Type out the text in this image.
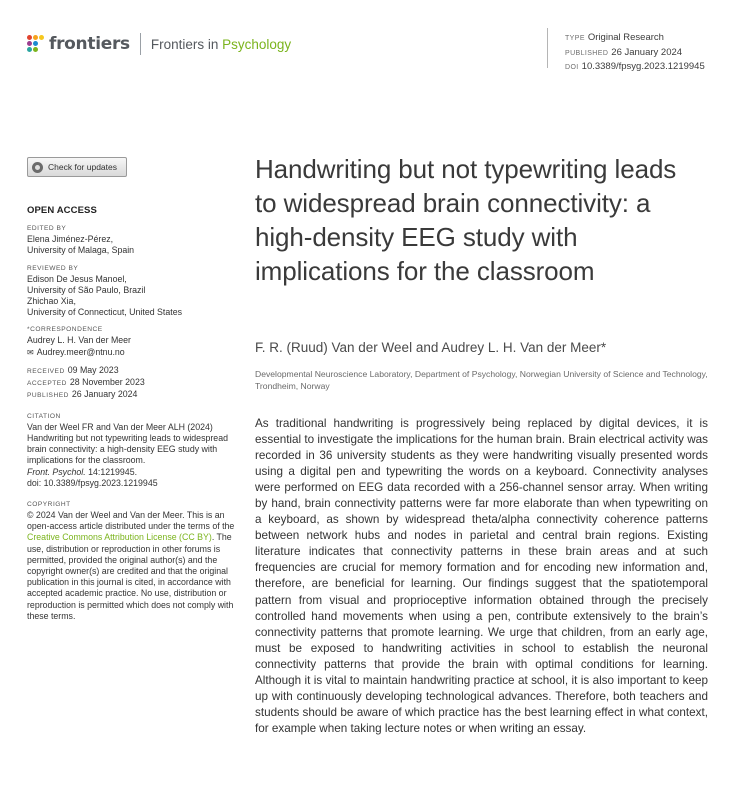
frontiers Frontiers in Psychology	TYPE Original Research
PUBLISHED 26 January 2024
DOI 10.3389/fpsyg.2023.1219945
Check for updates
OPEN ACCESS
EDITED BY
Elena Jiménez-Pérez,
University of Malaga, Spain
REVIEWED BY
Edison De Jesus Manoel,
University of São Paulo, Brazil
Zhichao Xia,
University of Connecticut, United States
*CORRESPONDENCE
Audrey L. H. Van der Meer
✉ Audrey.meer@ntnu.no
RECEIVED 09 May 2023
ACCEPTED 28 November 2023
PUBLISHED 26 January 2024
CITATION
Van der Weel FR and Van der Meer ALH (2024) Handwriting but not typewriting leads to widespread brain connectivity: a high-density EEG study with implications for the classroom.
Front. Psychol. 14:1219945.
doi: 10.3389/fpsyg.2023.1219945
COPYRIGHT
© 2024 Van der Weel and Van der Meer. This is an open-access article distributed under the terms of the Creative Commons Attribution License (CC BY). The use, distribution or reproduction in other forums is permitted, provided the original author(s) and the copyright owner(s) are credited and that the original publication in this journal is cited, in accordance with accepted academic practice. No use, distribution or reproduction is permitted which does not comply with these terms.
Handwriting but not typewriting leads to widespread brain connectivity: a high-density EEG study with implications for the classroom
F. R. (Ruud) Van der Weel and Audrey L. H. Van der Meer*
Developmental Neuroscience Laboratory, Department of Psychology, Norwegian University of Science and Technology, Trondheim, Norway

As traditional handwriting is progressively being replaced by digital devices, it is essential to investigate the implications for the human brain. Brain electrical activity was recorded in 36 university students as they were handwriting visually presented words using a digital pen and typewriting the words on a keyboard. Connectivity analyses were performed on EEG data recorded with a 256-channel sensor array. When writing by hand, brain connectivity patterns were far more elaborate than when typewriting on a keyboard, as shown by widespread theta/alpha connectivity coherence patterns between network hubs and nodes in parietal and central brain regions. Existing literature indicates that connectivity patterns in these brain areas and at such frequencies are crucial for memory formation and for encoding new information and, therefore, are beneficial for learning. Our findings suggest that the spatiotemporal pattern from visual and proprioceptive information obtained through the precisely controlled hand movements when using a pen, contribute extensively to the brain’s connectivity patterns that promote learning. We urge that children, from an early age, must be exposed to handwriting activities in school to establish the neuronal connectivity patterns that provide the brain with optimal conditions for learning. Although it is vital to maintain handwriting practice at school, it is also important to keep up with continuously developing technological advances. Therefore, both teachers and students should be aware of which practice has the best learning effect in what context, for example when taking lecture notes or when writing an essay.
